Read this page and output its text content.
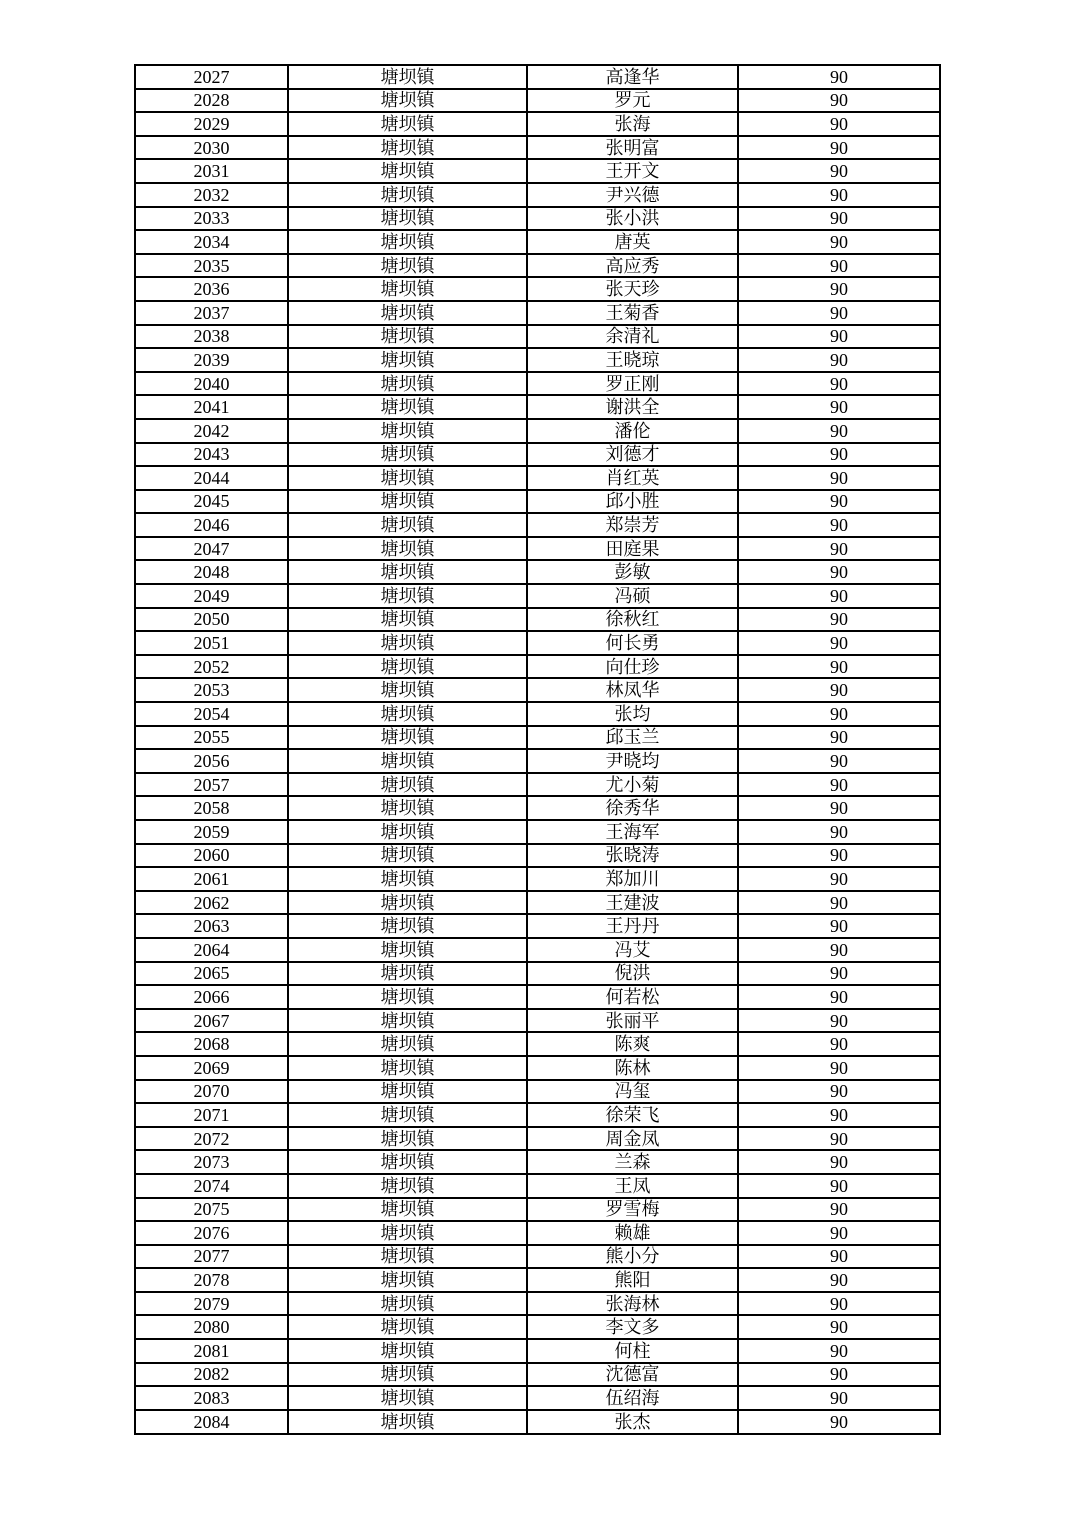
2027	塘坝镇	高逢华	90
2028	塘坝镇	罗元	90
2029	塘坝镇	张海	90
2030	塘坝镇	张明富	90
2031	塘坝镇	王开文	90
2032	塘坝镇	尹兴德	90
2033	塘坝镇	张小洪	90
2034	塘坝镇	唐英	90
2035	塘坝镇	高应秀	90
2036	塘坝镇	张天珍	90
2037	塘坝镇	王菊香	90
2038	塘坝镇	余清礼	90
2039	塘坝镇	王晓琼	90
2040	塘坝镇	罗正刚	90
2041	塘坝镇	谢洪全	90
2042	塘坝镇	潘伦	90
2043	塘坝镇	刘德才	90
2044	塘坝镇	肖红英	90
2045	塘坝镇	邱小胜	90
2046	塘坝镇	郑崇芳	90
2047	塘坝镇	田庭果	90
2048	塘坝镇	彭敏	90
2049	塘坝镇	冯硕	90
2050	塘坝镇	徐秋红	90
2051	塘坝镇	何长勇	90
2052	塘坝镇	向仕珍	90
2053	塘坝镇	林凤华	90
2054	塘坝镇	张均	90
2055	塘坝镇	邱玉兰	90
2056	塘坝镇	尹晓均	90
2057	塘坝镇	尤小菊	90
2058	塘坝镇	徐秀华	90
2059	塘坝镇	王海军	90
2060	塘坝镇	张晓涛	90
2061	塘坝镇	郑加川	90
2062	塘坝镇	王建波	90
2063	塘坝镇	王丹丹	90
2064	塘坝镇	冯艾	90
2065	塘坝镇	倪洪	90
2066	塘坝镇	何若松	90
2067	塘坝镇	张丽平	90
2068	塘坝镇	陈爽	90
2069	塘坝镇	陈林	90
2070	塘坝镇	冯玺	90
2071	塘坝镇	徐荣飞	90
2072	塘坝镇	周金凤	90
2073	塘坝镇	兰森	90
2074	塘坝镇	王凤	90
2075	塘坝镇	罗雪梅	90
2076	塘坝镇	赖雄	90
2077	塘坝镇	熊小分	90
2078	塘坝镇	熊阳	90
2079	塘坝镇	张海林	90
2080	塘坝镇	李文多	90
2081	塘坝镇	何柱	90
2082	塘坝镇	沈德富	90
2083	塘坝镇	伍绍海	90
2084	塘坝镇	张杰	90
